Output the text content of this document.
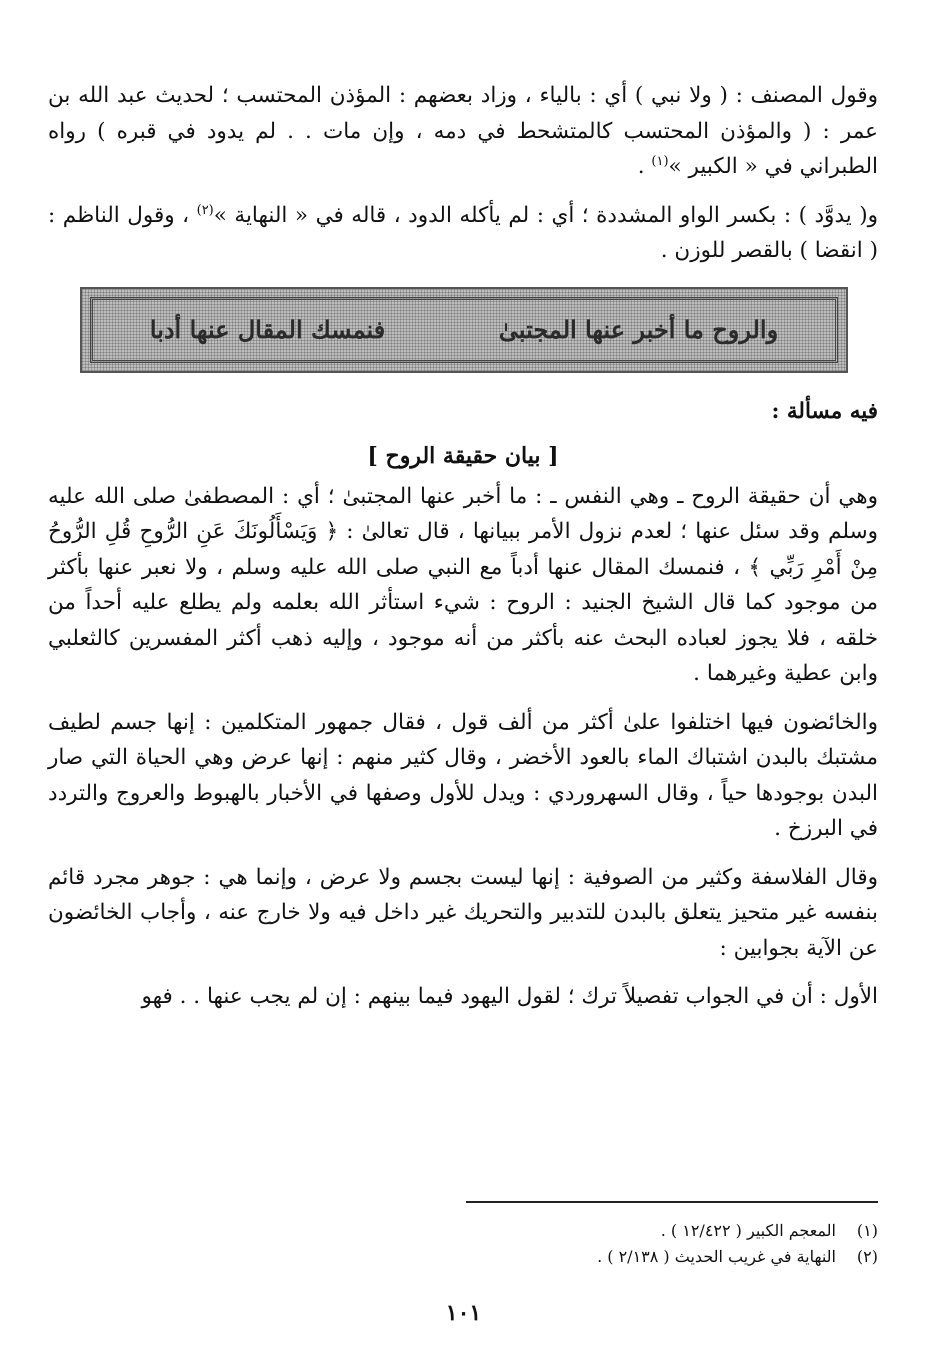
وقول المصنف : ( ولا نبي ) أي : بالياء ، وزاد بعضهم : المؤذن المحتسب ؛ لحديث عبد الله بن عمر : ( والمؤذن المحتسب كالمتشحط في دمه ، وإن مات . . لم يدود في قبره ) رواه الطبراني في « الكبير »$^{(١)}$ .

و( يدوَّد ) : بكسر الواو المشددة ؛ أي : لم يأكله الدود ، قاله في « النهاية »$^{(٢)}$ ، وقول الناظم : ( انقضا ) بالقصر للوزن .

والروح ما أخبر عنها المجتبىٰ
فنمسك المقال عنها أدبا

فيه مسألة :

[ بيان حقيقة الروح ]

وهي أن حقيقة الروح ـ وهي النفس ـ : ما أخبر عنها المجتبىٰ ؛ أي : المصطفىٰ صلى الله عليه وسلم وقد سئل عنها ؛ لعدم نزول الأمر ببيانها ، قال تعالىٰ : ﴿ وَيَسْأَلُونَكَ عَنِ الرُّوحِ قُلِ الرُّوحُ مِنْ أَمْرِ رَبِّي ﴾ ، فنمسك المقال عنها أدباً مع النبي صلى الله عليه وسلم ، ولا نعبر عنها بأكثر من موجود كما قال الشيخ الجنيد : الروح : شيء استأثر الله بعلمه ولم يطلع عليه أحداً من خلقه ، فلا يجوز لعباده البحث عنه بأكثر من أنه موجود ، وإليه ذهب أكثر المفسرين كالثعلبي وابن عطية وغيرهما .

والخائضون فيها اختلفوا علىٰ أكثر من ألف قول ، فقال جمهور المتكلمين : إنها جسم لطيف مشتبك بالبدن اشتباك الماء بالعود الأخضر ، وقال كثير منهم : إنها عرض وهي الحياة التي صار البدن بوجودها حياً ، وقال السهروردي : ويدل للأول وصفها في الأخبار بالهبوط والعروج والتردد في البرزخ .

وقال الفلاسفة وكثير من الصوفية : إنها ليست بجسم ولا عرض ، وإنما هي : جوهر مجرد قائم بنفسه غير متحيز يتعلق بالبدن للتدبير والتحريك غير داخل فيه ولا خارج عنه ، وأجاب الخائضون عن الآية بجوابين :

الأول : أن في الجواب تفصيلاً ترك ؛ لقول اليهود فيما بينهم : إن لم يجب عنها . . فهو

(١)
المعجم الكبير ( ١٢/٤٢٢ ) .
(٢)
النهاية في غريب الحديث ( ٢/١٣٨ ) .
١٠١
